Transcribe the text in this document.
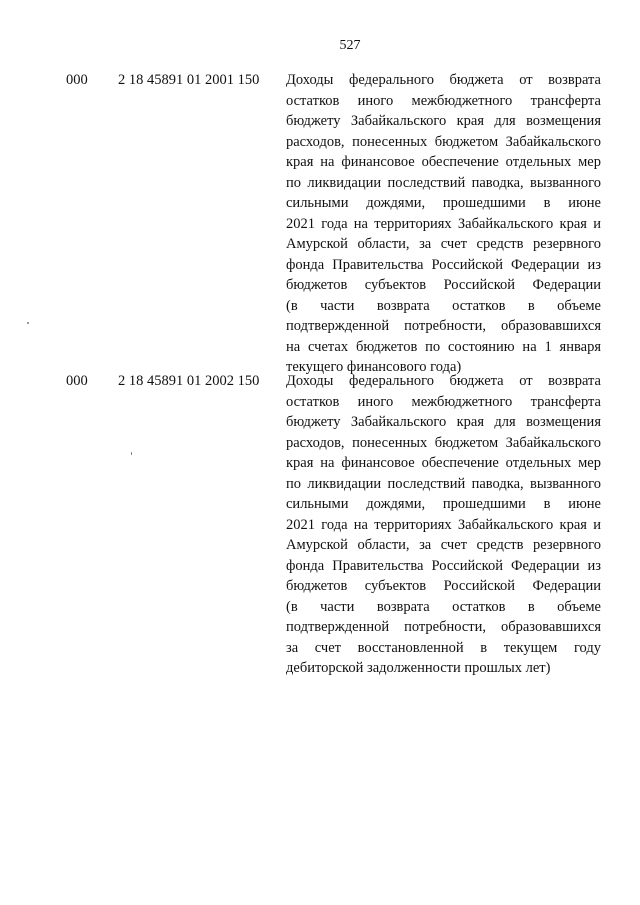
527
000 2 18 45891 01 2001 150 Доходы федерального бюджета от возврата
остатков иного межбюджетного трансферта
бюджету Забайкальского края для возмещения
расходов, понесенных бюджетом Забайкальского
края на финансовое обеспечение отдельных мер
по ликвидации последствий паводка, вызванного
сильными дождями, прошедшими в июне
2021 года на территориях Забайкальского края и
Амурской области, за счет средств резервного
фонда Правительства Российской Федерации из
бюджетов субъектов Российской Федерации
(в части возврата остатков в объеме
подтвержденной потребности, образовавшихся
на счетах бюджетов по состоянию на 1 января
текущего финансового года)
000 2 18 45891 01 2002 150 Доходы федерального бюджета от возврата
остатков иного межбюджетного трансферта
бюджету Забайкальского края для возмещения
расходов, понесенных бюджетом Забайкальского
края на финансовое обеспечение отдельных мер
по ликвидации последствий паводка, вызванного
сильными дождями, прошедшими в июне
2021 года на территориях Забайкальского края и
Амурской области, за счет средств резервного
фонда Правительства Российской Федерации из
бюджетов субъектов Российской Федерации
(в части возврата остатков в объеме
подтвержденной потребности, образовавшихся
за счет восстановленной в текущем году
дебиторской задолженности прошлых лет)
